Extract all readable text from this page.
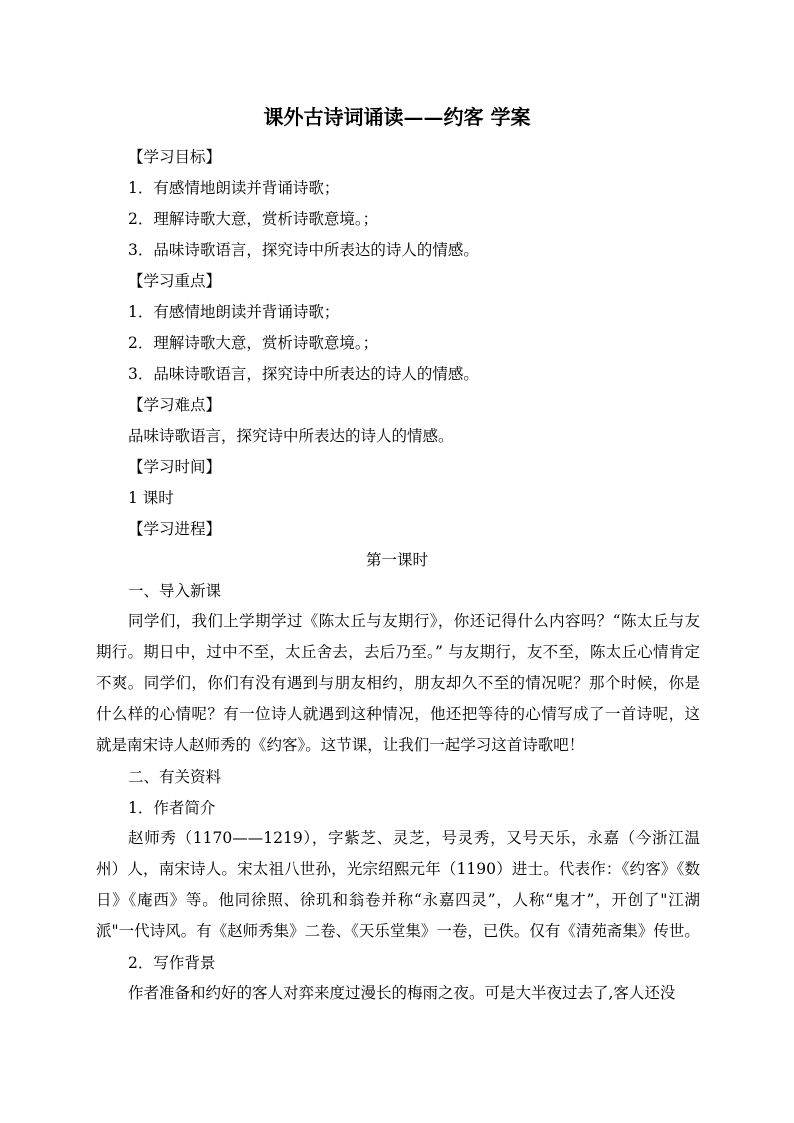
课外古诗词诵读——约客 学案
【学习目标】
1．有感情地朗读并背诵诗歌；
2．理解诗歌大意，赏析诗歌意境。；
3．品味诗歌语言，探究诗中所表达的诗人的情感。
【学习重点】
1．有感情地朗读并背诵诗歌；
2．理解诗歌大意，赏析诗歌意境。；
3．品味诗歌语言，探究诗中所表达的诗人的情感。
【学习难点】
品味诗歌语言，探究诗中所表达的诗人的情感。
【学习时间】
1 课时
【学习进程】
第一课时
一、导入新课
同学们，我们上学期学过《陈太丘与友期行》，你还记得什么内容吗？“陈太丘与友期行。期日中，过中不至，太丘舍去，去后乃至。” 与友期行，友不至，陈太丘心情肯定不爽。同学们，你们有没有遇到与朋友相约，朋友却久不至的情况呢？那个时候，你是什么样的心情呢？有一位诗人就遇到这种情况，他还把等待的心情写成了一首诗呢，这就是南宋诗人赵师秀的《约客》。这节课，让我们一起学习这首诗歌吧！
二、有关资料
1．作者简介
赵师秀（1170——1219），字紫芝、灵芝，号灵秀，又号天乐，永嘉（今浙江温州）人，南宋诗人。宋太祖八世孙，光宗绍熙元年（1190）进士。代表作：《约客》《数日》《庵西》等。他同徐照、徐玑和翁卷并称“永嘉四灵”，人称“鬼才”，开创了"江湖派"一代诗风。有《赵师秀集》二卷、《天乐堂集》一卷，已佚。仅有《清苑斋集》传世。
2．写作背景
作者准备和约好的客人对弈来度过漫长的梅雨之夜。可是大半夜过去了,客人还没
